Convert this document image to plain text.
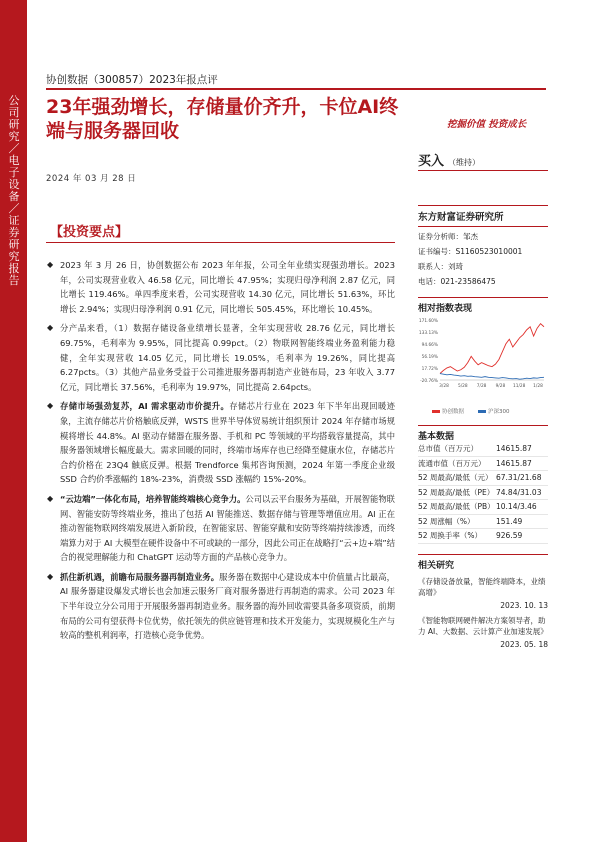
公司研究／电子设备／证券研究报告
协创数据（300857）2023年报点评
23年强劲增长，存储量价齐升，卡位AI终端与服务器回收	挖掘价值 投资成长
2024 年 03 月 28 日
买入 （维持）
【投资要点】
◆ 2023 年 3 月 26 日，协创数据公布 2023 年年报，公司全年业绩实现强劲增长。2023 年，公司实现营业收入 46.58 亿元，同比增长 47.95%；实现归母净利润 2.87 亿元，同比增长 119.46%。单四季度来看，公司实现营收 14.30 亿元，同比增长 51.63%，环比增长 2.94%；实现归母净利润 0.91 亿元，同比增长 505.45%，环比增长 10.45%。
◆ 分产品来看，（1）数据存储设备业绩增长显著，全年实现营收 28.76 亿元，同比增长 69.75%，毛利率为 9.95%，同比提高 0.99pct。（2）物联网智能终端业务盈利能力稳健，全年实现营收 14.05 亿元，同比增长 19.05%，毛利率为 19.26%，同比提高 6.27pcts。（3）其他产品业务受益于公司推进服务器再制造产业链布局，23 年收入 3.77 亿元，同比增长 37.56%，毛利率为 19.97%，同比提高 2.64pcts。
◆ 存储市场强劲复苏，AI 需求驱动市价提升。存储芯片行业在 2023 年下半年出现回暖迹象，主流存储芯片价格触底反弹，WSTS 世界半导体贸易统计组织预计 2024 年存储市场规模将增长 44.8%。AI 驱动存储器在服务器、手机和 PC 等领域的平均搭载容量提高，其中服务器领域增长幅度最大。需求回暖的同时，终端市场库存也已经降至健康水位，存储芯片合约价格在 23Q4 触底反弹。根据 Trendforce 集邦咨询预测，2024 年第一季度企业级 SSD 合约价季涨幅约 18%-23%，消费级 SSD 涨幅约 15%-20%。
◆ “云边端”一体化布局，培养智能终端核心竞争力。公司以云平台服务为基础，开展智能物联网、智能安防等终端业务，推出了包括 AI 智能推送、数据存储与管理等增值应用。AI 正在推动智能物联网终端发展进入新阶段，在智能家居、智能穿戴和安防等终端持续渗透，而终端算力对于 AI 大模型在硬件设备中不可或缺的一部分，因此公司正在战略打“云+边+端”结合的视觉理解能力和 ChatGPT 运动等方面的产品核心竞争力。
◆ 抓住新机遇，前瞻布局服务器再制造业务。服务器在数据中心建设成本中价值量占比最高，AI 服务器建设爆发式增长也会加速云服务厂商对服务器进行再制造的需求。公司 2023 年下半年设立分公司用于开展服务器再制造业务。服务器的海外回收需要具备多项资质，前期布局的公司有望获得卡位优势，依托领先的供应链管理和技术开发能力，实现规模化生产与较高的整机利润率，打造核心竞争优势。
东方财富证券研究所
证券分析师：邹杰
证书编号：S1160523010001
联系人：刘琦
电话：021-23586475
相对指数表现
171.60%
133.13%
94.66%
56.19%
17.72%
-20.76%
3/28 5/28 7/28 9/28 11/28 1/28
协创数据	沪深300
基本数据
总市值（百万元） 14615.87
流通市值（百万元） 14615.87
52 周最高/最低（元） 67.31/21.68
52 周最高/最低（PE） 74.84/31.03
52 周最高/最低（PB） 10.14/3.46
52 周涨幅（%）	151.49
52 周换手率（%） 926.59
相关研究
《存储设备放量，智能终端降本，业绩高增》
2023. 10. 13
《智能物联网硬件解决方案领导者，助力 AI、大数据、云计算产业加速发展》
2023. 05. 18
